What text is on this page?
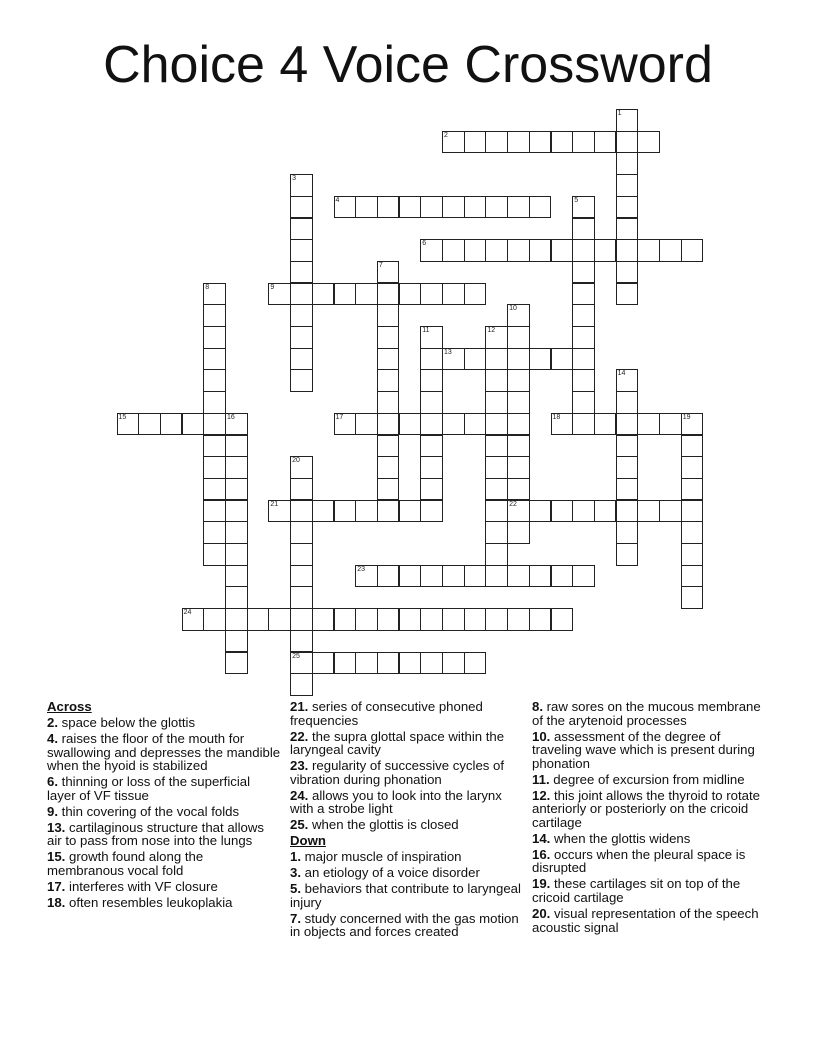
Choice 4 Voice Crossword
1
2
3
4	5
6
7
8	9
10
22
11	12
13
14
15	16	17	18	19
20
25
21
23
24
Across
2. space below the glottis
4. raises the floor of the mouth for swallowing and depresses the mandible when the hyoid is stabilized
6. thinning or loss of the superficial layer of VF tissue
9. thin covering of the vocal folds
13. cartilaginous structure that allows air to pass from nose into the lungs
15. growth found along the membranous vocal fold
17. interferes with VF closure
18. often resembles leukoplakia
21. series of consecutive phoned frequencies
22. the supra glottal space within the laryngeal cavity
23. regularity of successive cycles of vibration during phonation
24. allows you to look into the larynx with a strobe light
25. when the glottis is closed
Down
1. major muscle of inspiration
3. an etiology of a voice disorder
5. behaviors that contribute to laryngeal injury
7. study concerned with the gas motion in objects and forces created
8. raw sores on the mucous membrane of the arytenoid processes
10. assessment of the degree of traveling wave which is present during phonation
11. degree of excursion from midline
12. this joint allows the thyroid to rotate anteriorly or posteriorly on the cricoid cartilage
14. when the glottis widens
16. occurs when the pleural space is disrupted
19. these cartilages sit on top of the cricoid cartilage
20. visual representation of the speech acoustic signal
